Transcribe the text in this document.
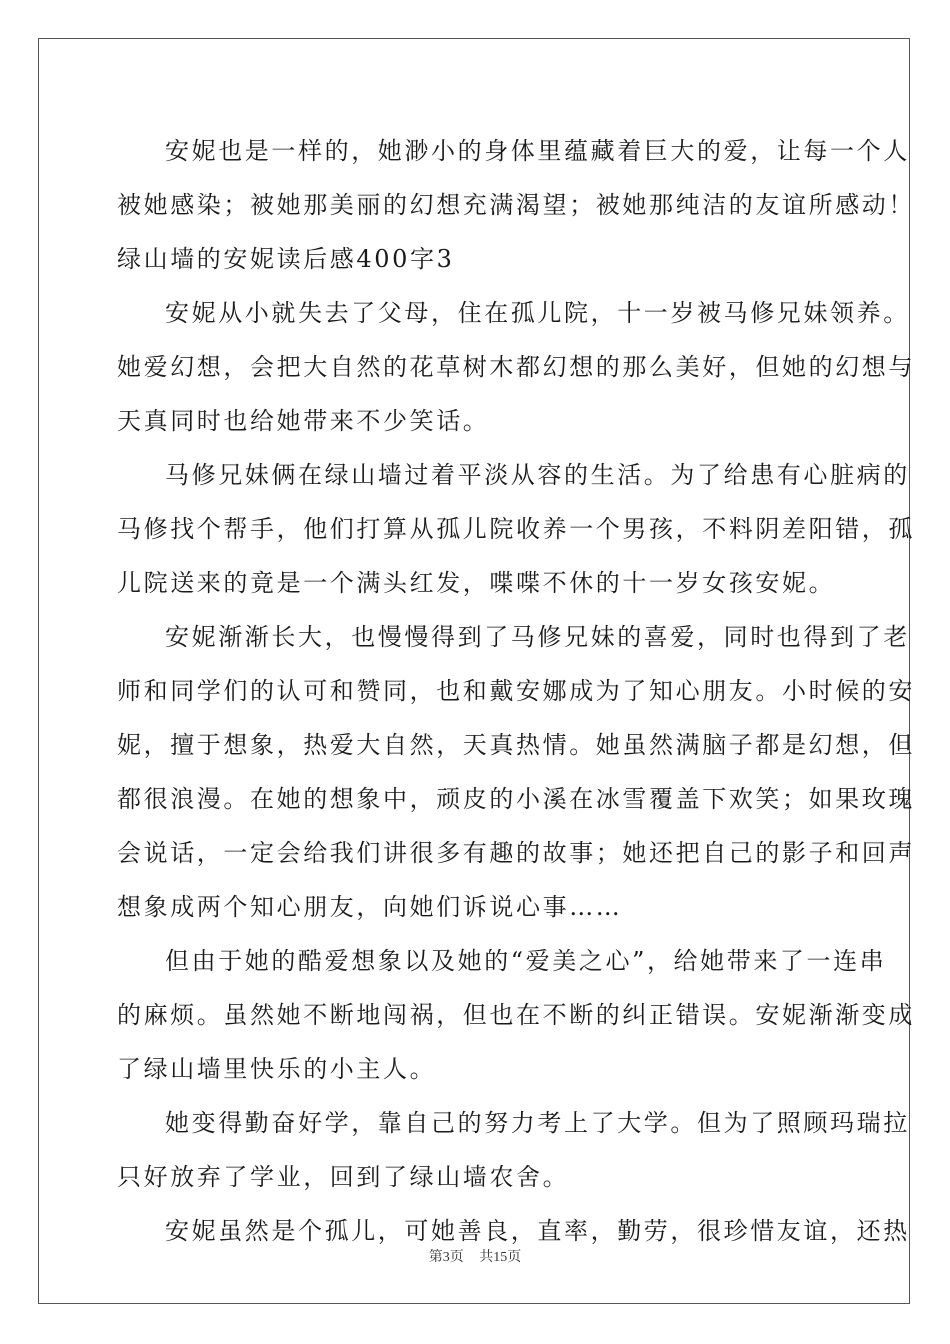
安妮也是一样的，她渺小的身体里蕴藏着巨大的爱，让每一个人
被她感染；被她那美丽的幻想充满渴望；被她那纯洁的友谊所感动！
绿山墙的安妮读后感400字3
安妮从小就失去了父母，住在孤儿院，十一岁被马修兄妹领养。
她爱幻想，会把大自然的花草树木都幻想的那么美好，但她的幻想与
天真同时也给她带来不少笑话。
马修兄妹俩在绿山墙过着平淡从容的生活。为了给患有心脏病的
马修找个帮手，他们打算从孤儿院收养一个男孩，不料阴差阳错，孤
儿院送来的竟是一个满头红发，喋喋不休的十一岁女孩安妮。
安妮渐渐长大，也慢慢得到了马修兄妹的喜爱，同时也得到了老
师和同学们的认可和赞同，也和戴安娜成为了知心朋友。小时候的安
妮，擅于想象，热爱大自然，天真热情。她虽然满脑子都是幻想，但
都很浪漫。在她的想象中，顽皮的小溪在冰雪覆盖下欢笑；如果玫瑰
会说话，一定会给我们讲很多有趣的故事；她还把自己的影子和回声
想象成两个知心朋友，向她们诉说心事……
但由于她的酷爱想象以及她的“爱美之心”，给她带来了一连串
的麻烦。虽然她不断地闯祸，但也在不断的纠正错误。安妮渐渐变成
了绿山墙里快乐的小主人。
她变得勤奋好学，靠自己的努力考上了大学。但为了照顾玛瑞拉
只好放弃了学业，回到了绿山墙农舍。
安妮虽然是个孤儿，可她善良，直率，勤劳，很珍惜友谊，还热
第3页 共15页
